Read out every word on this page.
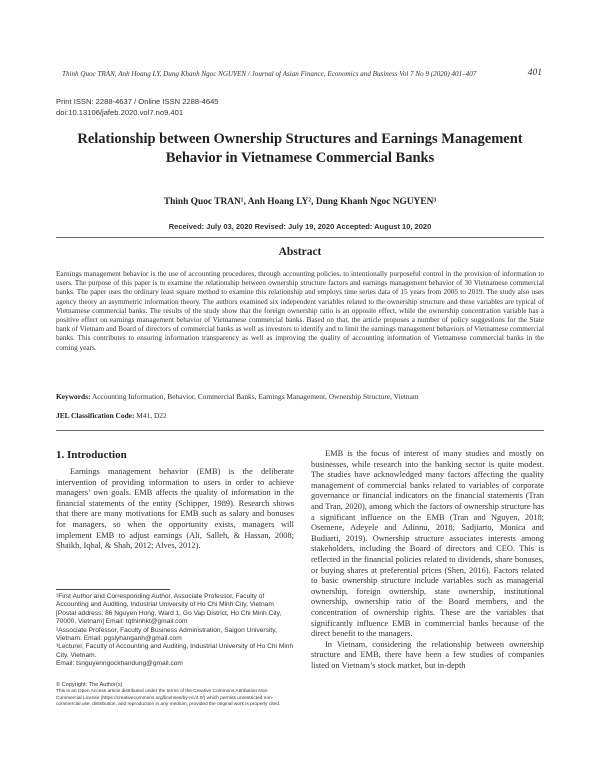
Thinh Quoc TRAN, Anh Hoang LY, Dung Khanh Ngoc NGUYEN / Journal of Asian Finance, Economics and Business Vol 7 No 9 (2020) 401–407	401
Print ISSN: 2288-4637 / Online ISSN 2288-4645
doi:10.13106/jafeb.2020.vol7.no9.401
Relationship between Ownership Structures and Earnings Management
Behavior in Vietnamese Commercial Banks
Thinh Quoc TRAN¹, Anh Hoang LY², Dung Khanh Ngoc NGUYEN³
Received: July 03, 2020 Revised: July 19, 2020 Accepted: August 10, 2020
Abstract
Earnings management behavior is the use of accounting procedures, through accounting policies, to intentionally purposeful control in the provision of information to users. The purpose of this paper is to examine the relationship between ownership structure factors and earnings management behavior of 30 Vietnamese commercial banks. The paper uses the ordinary least square method to examine this relationship and employs time series data of 15 years from 2005 to 2019. The study also uses agency theory an asymmetric information theory. The authors examined six independent variables related to the ownership structure and these variables are typical of Vietnamese commercial banks. The results of the study show that the foreign ownership ratio is an opposite effect, while the ownership concentration variable has a positive effect on earnings management behavior of Vietnamese commercial banks. Based on that, the article proposes a number of policy suggestions for the State bank of Vietnam and Board of directors of commercial banks as well as investors to identify and to limit the earnings management behaviors of Vietnamese commercial banks. This contributes to ensuring information transparency as well as improving the quality of accounting information of Vietnamese commercial banks in the coming years.
Keywords: Accounting Information, Behavior, Commercial Banks, Earnings Management, Ownership Structure, Vietnam
JEL Classification Code: M41, D22
1. Introduction

Earnings management behavior (EMB) is the deliberate intervention of providing information to users in order to achieve managers’ own goals. EMB affects the quality of information in the financial statements of the entity (Schipper, 1989). Research shows that there are many motivations for EMB such as salary and bonuses for managers, so when the opportunity exists, managers will implement EMB to adjust earnings (Ali, Salleh, & Hassan, 2008; Shaikh, Iqbal, & Shah, 2012; Alves, 2012).

¹First Author and Corresponding Author. Associate Professor, Faculty of Accounting and Auditing, Industrial University of Ho Chi Minh City, Vietnam [Postal address: 86 Nguyen Hong, Ward 1, Go Vap District, Ho Chi Minh City, 70000, Vietnam] Email: tqthinhkt@gmail.com

²Associate Professor, Faculty of Business Administration, Saigon University, Vietnam. Email: pgslyhanganh@gmail.com

³Lecturer, Faculty of Accounting and Auditing, Industrial University of Ho Chi Minh City, Vietnam.

Email: tsnguyenngockhandung@gmail.com

© Copyright: The Author(s)

This is an Open Access article distributed under the terms of the Creative Commons Attribution Non-Commercial License (https://creativecommons.org/licenses/by-nc/4.0/) which permits unrestricted non-commercial use, distribution, and reproduction in any medium, provided the original work is properly cited.

EMB is the focus of interest of many studies and mostly on businesses, while research into the banking sector is quite modest. The studies have acknowledged many factors affecting the quality management of commercial banks related to variables of corporate governance or financial indicators on the financial statements (Tran and Tran, 2020), among which the factors of ownership structure has a significant influence on the EMB (Tran and Nguyen, 2018; Osemene, Adeyele and Adinnu, 2018; Sadjiarto, Monica and Budiarti, 2019). Ownership structure associates interests among stakeholders, including the Board of directors and CEO. This is reflected in the financial policies related to dividends, share bonuses, or buying shares at preferential prices (Shen, 2016). Factors related to basic ownership structure include variables such as managerial ownership, foreign ownership, state ownership, institutional ownership, ownership ratio of the Board members, and the concentration of ownership rights. These are the variables that significantly influence EMB in commercial banks because of the direct benefit to the managers.

In Vietnam, considering the relationship between ownership structure and EMB, there have been a few studies of companies listed on Vietnam’s stock market, but in-depth
